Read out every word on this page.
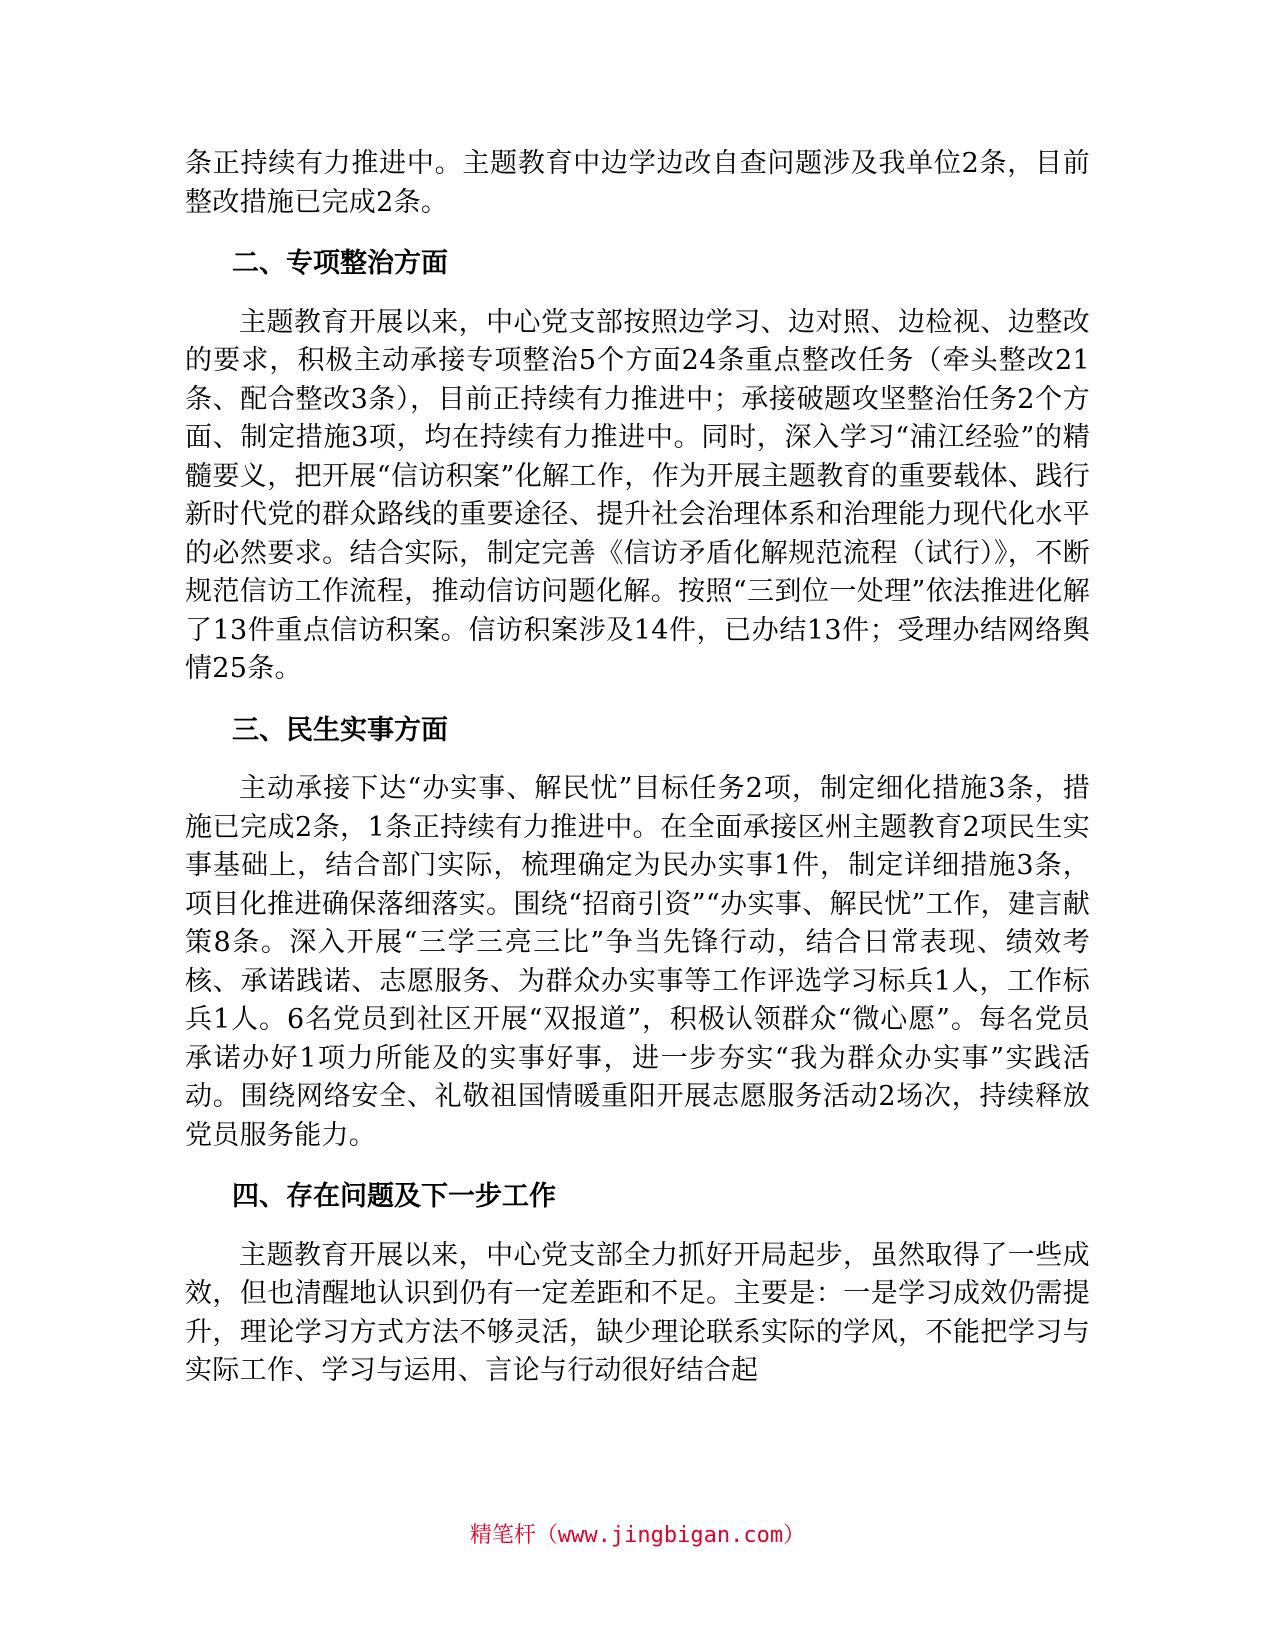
条正持续有力推进中。主题教育中边学边改自查问题涉及我单位2条，目前整改措施已完成2条。

二、专项整治方面

主题教育开展以来，中心党支部按照边学习、边对照、边检视、边整改的要求，积极主动承接专项整治5个方面24条重点整改任务（牵头整改21条、配合整改3条），目前正持续有力推进中；承接破题攻坚整治任务2个方面、制定措施3项，均在持续有力推进中。同时，深入学习“浦江经验”的精髓要义，把开展“信访积案”化解工作，作为开展主题教育的重要载体、践行新时代党的群众路线的重要途径、提升社会治理体系和治理能力现代化水平的必然要求。结合实际，制定完善《信访矛盾化解规范流程（试行）》，不断规范信访工作流程，推动信访问题化解。按照“三到位一处理”依法推进化解了13件重点信访积案。信访积案涉及14件，已办结13件；受理办结网络舆情25条。

三、民生实事方面

主动承接下达“办实事、解民忧”目标任务2项，制定细化措施3条，措施已完成2条，1条正持续有力推进中。在全面承接区州主题教育2项民生实事基础上，结合部门实际，梳理确定为民办实事1件，制定详细措施3条，项目化推进确保落细落实。围绕“招商引资”“办实事、解民忧”工作，建言献策8条。深入开展“三学三亮三比”争当先锋行动，结合日常表现、绩效考核、承诺践诺、志愿服务、为群众办实事等工作评选学习标兵1人，工作标兵1人。6名党员到社区开展“双报道”，积极认领群众“微心愿”。每名党员承诺办好1项力所能及的实事好事，进一步夯实“我为群众办实事”实践活动。围绕网络安全、礼敬祖国情暖重阳开展志愿服务活动2场次，持续释放党员服务能力。

四、存在问题及下一步工作

主题教育开展以来，中心党支部全力抓好开局起步，虽然取得了一些成效，但也清醒地认识到仍有一定差距和不足。主要是：一是学习成效仍需提升，理论学习方式方法不够灵活，缺少理论联系实际的学风，不能把学习与实际工作、学习与运用、言论与行动很好结合起

精笔杆（www.jingbigan.com）
